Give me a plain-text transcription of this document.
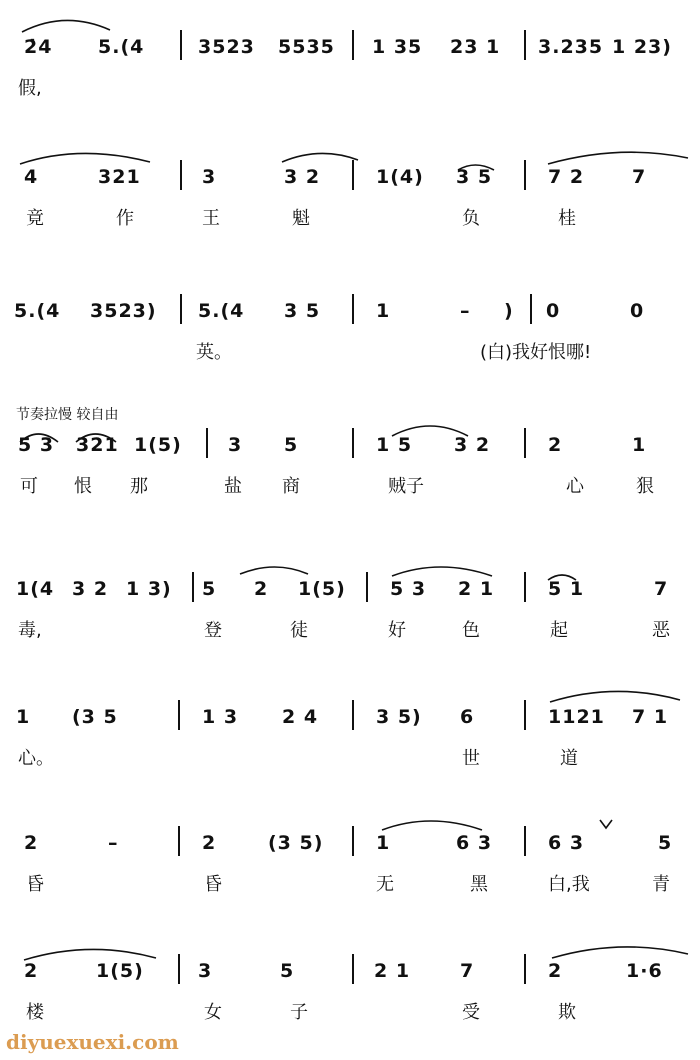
2̇4 5.(4	3523 5535 1 35 23 1 3.235 1 23)
假,
4	321	3	3 2	1(4) 3 5	7 2	7
竟	作	王	魁	负	桂
5.(4 3523) 5.(4 3 5	1	– ) 0	0
英。	(白)我好恨哪!
节奏拉慢 较自由
5 3 321 1(5) 3 5	1 5 3 2	2	1
可 恨 那	盐 商	贼子	心	狠
1(4 3 2 1 3) 5 2 1(5) 5 3 2 1	5 1	7
毒,	登	徒	好	色	起	恶
1 (3 5	1 3 2 4	3 5) 6	1121 7 1
心。	世	道
2	–	2	(3 5)	1	6 3	6 3	5
昏	昏	无	黑	白,我	青
2	1(5)	3	5	2 1	7	2	1·6
楼	女	子	受	欺
diyuexuexi.com
